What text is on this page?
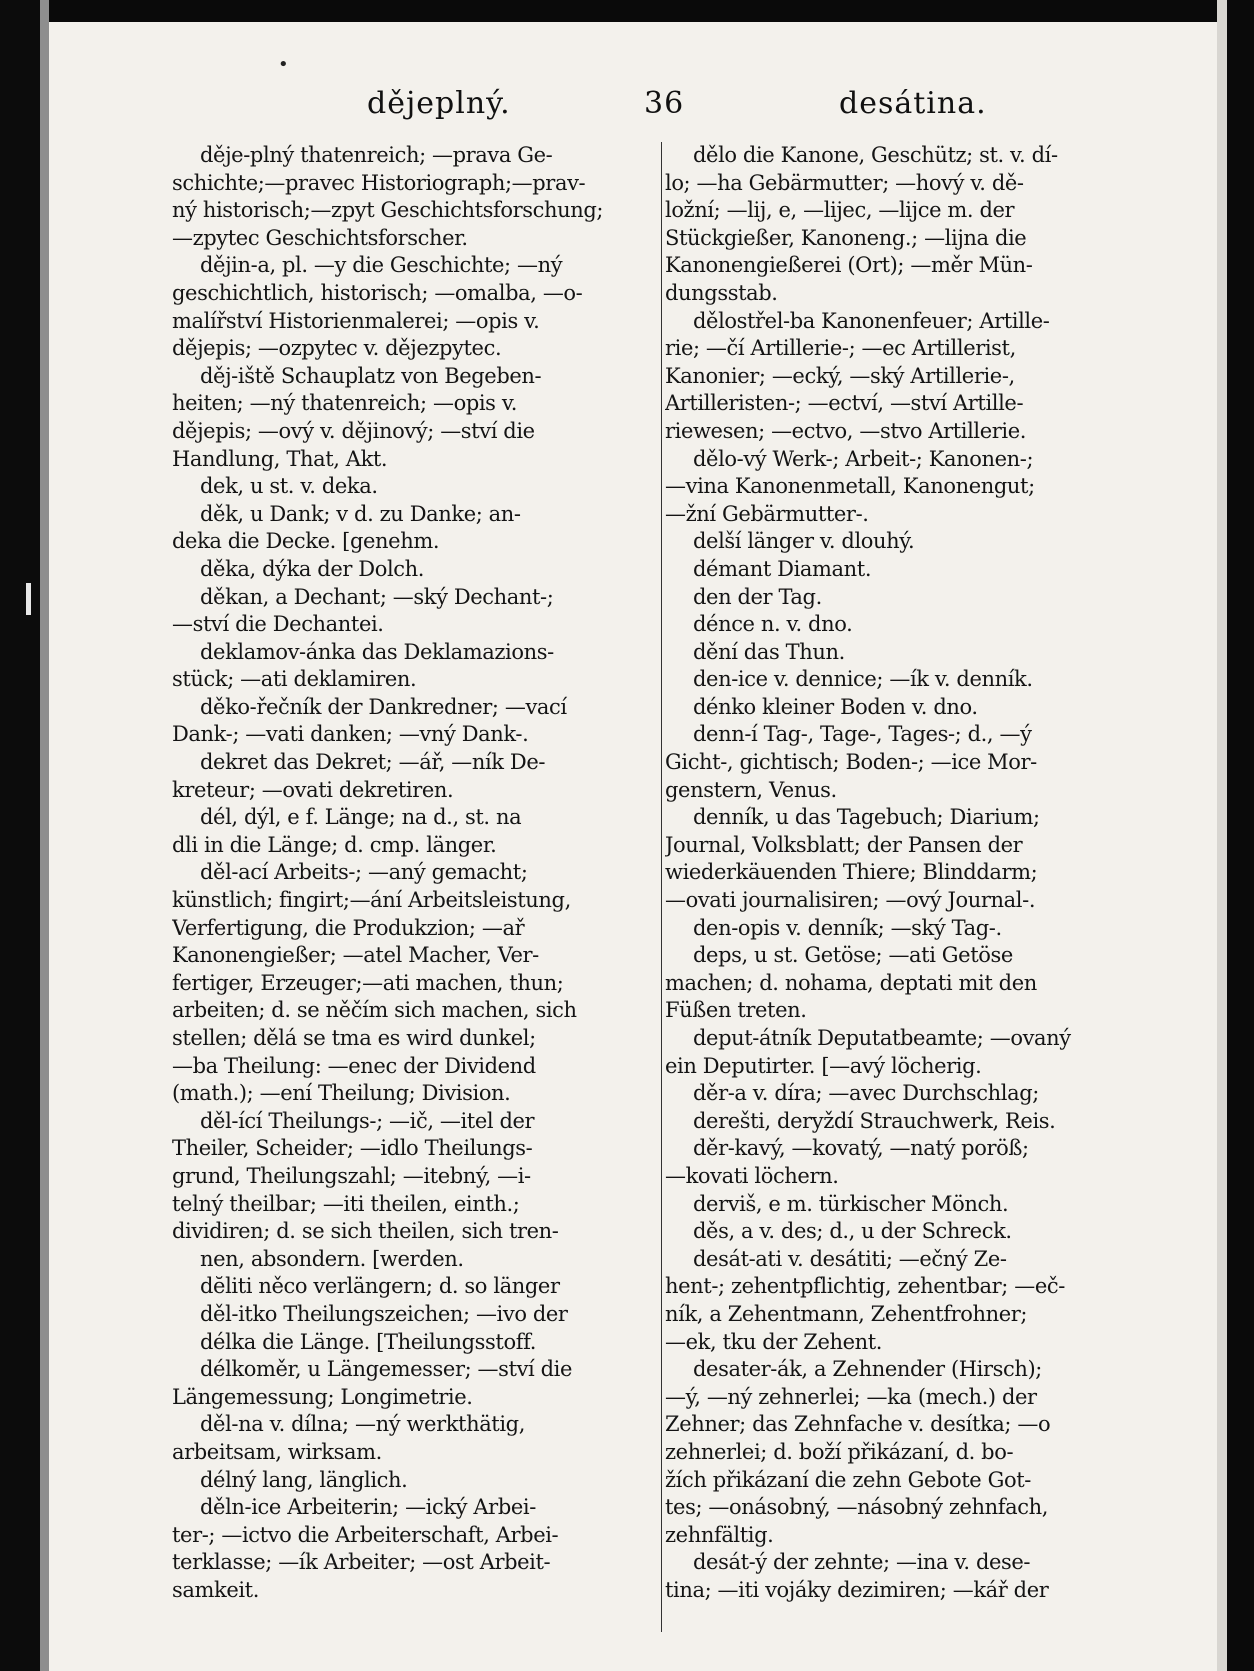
•
dějeplný.	36	desátina.
děje-plný thatenreich; —prava Ge-
schichte;—pravec Historiograph;—prav-
ný historisch;—zpyt Geschichtsforschung;
—zpytec Geschichtsforscher.
dějin-a, pl. —y die Geschichte; —ný
geschichtlich, historisch; —omalba, —o-
malířství Historienmalerei; —opis v.
dějepis; —ozpytec v. dějezpytec.
děj-iště Schauplatz von Begeben-
heiten; —ný thatenreich; —opis v.
dějepis; —ový v. dějinový; —ství die
Handlung, That, Akt.
dek, u st. v. deka.
děk, u Dank; v d. zu Danke; an-
deka die Decke. [genehm.
děka, dýka der Dolch.
děkan, a Dechant; —ský Dechant-;
—ství die Dechantei.
deklamov-ánka das Deklamazions-
stück; —ati deklamiren.
děko-řečník der Dankredner; —vací
Dank-; —vati danken; —vný Dank-.
dekret das Dekret; —ář, —ník De-
kreteur; —ovati dekretiren.
dél, dýl, e f. Länge; na d., st. na
dli in die Länge; d. cmp. länger.
děl-ací Arbeits-; —aný gemacht;
künstlich; fingirt;—ání Arbeitsleistung,
Verfertigung, die Produkzion; —ař
Kanonengießer; —atel Macher, Ver-
fertiger, Erzeuger;—ati machen, thun;
arbeiten; d. se něčím sich machen, sich
stellen; dělá se tma es wird dunkel;
—ba Theilung: —enec der Dividend
(math.); —ení Theilung; Division.
děl-ící Theilungs-; —ič, —itel der
Theiler, Scheider; —idlo Theilungs-
grund, Theilungszahl; —itebný, —i-
telný theilbar; —iti theilen, einth.;
dividiren; d. se sich theilen, sich tren-
nen, absondern. [werden.
dĕliti něco verlängern; d. so länger
děl-itko Theilungszeichen; —ivo der
délka die Länge. [Theilungsstoff.
délkoměr, u Längemesser; —ství die
Längemessung; Longimetrie.
děl-na v. dílna; —ný werkthätig,
arbeitsam, wirksam.
délný lang, länglich.
děln-ice Arbeiterin; —ický Arbei-
ter-; —ictvo die Arbeiterschaft, Arbei-
terklasse; —ík Arbeiter; —ost Arbeit-
samkeit.
dělo die Kanone, Geschütz; st. v. dí-
lo; —ha Gebärmutter; —hový v. dě-
ložní; —lij, e, —lijec, —lijce m. der
Stückgießer, Kanoneng.; —lijna die
Kanonengießerei (Ort); —měr Mün-
dungsstab.
dělostřel-ba Kanonenfeuer; Artille-
rie; —čí Artillerie-; —ec Artillerist,
Kanonier; —ecký, —ský Artillerie-,
Artilleristen-; —ectví, —ství Artille-
riewesen; —ectvo, —stvo Artillerie.
dělo-vý Werk-; Arbeit-; Kanonen-;
—vina Kanonenmetall, Kanonengut;
—žní Gebärmutter-.
delší länger v. dlouhý.
démant Diamant.
den der Tag.
dénce n. v. dno.
dění das Thun.
den-ice v. dennice; —ík v. denník.
dénko kleiner Boden v. dno.
denn-í Tag-, Tage-, Tages-; d., —ý
Gicht-, gichtisch; Boden-; —ice Mor-
genstern, Venus.
denník, u das Tagebuch; Diarium;
Journal, Volksblatt; der Pansen der
wiederkäuenden Thiere; Blinddarm;
—ovati journalisiren; —ový Journal-.
den-opis v. denník; —ský Tag-.
deps, u st. Getöse; —ati Getöse
machen; d. nohama, deptati mit den
Füßen treten.
deput-átník Deputatbeamte; —ovaný
ein Deputirter. [—avý löcherig.
děr-a v. díra; —avec Durchschlag;
derešti, deryždí Strauchwerk, Reis.
děr-kavý, —kovatý, —natý poröß;
—kovati löchern.
derviš, e m. türkischer Mönch.
děs, a v. des; d., u der Schreck.
desát-ati v. desátiti; —ečný Ze-
hent-; zehentpflichtig, zehentbar; —eč-
ník, a Zehentmann, Zehentfrohner;
—ek, tku der Zehent.
desater-ák, a Zehnender (Hirsch);
—ý, —ný zehnerlei; —ka (mech.) der
Zehner; das Zehnfache v. desítka; —o
zehnerlei; d. boží přikázaní, d. bo-
žích přikázaní die zehn Gebote Got-
tes; —onásobný, —násobný zehnfach,
zehnfältig.
desát-ý der zehnte; —ina v. dese-
tina; —iti vojáky dezimiren; —kář der
